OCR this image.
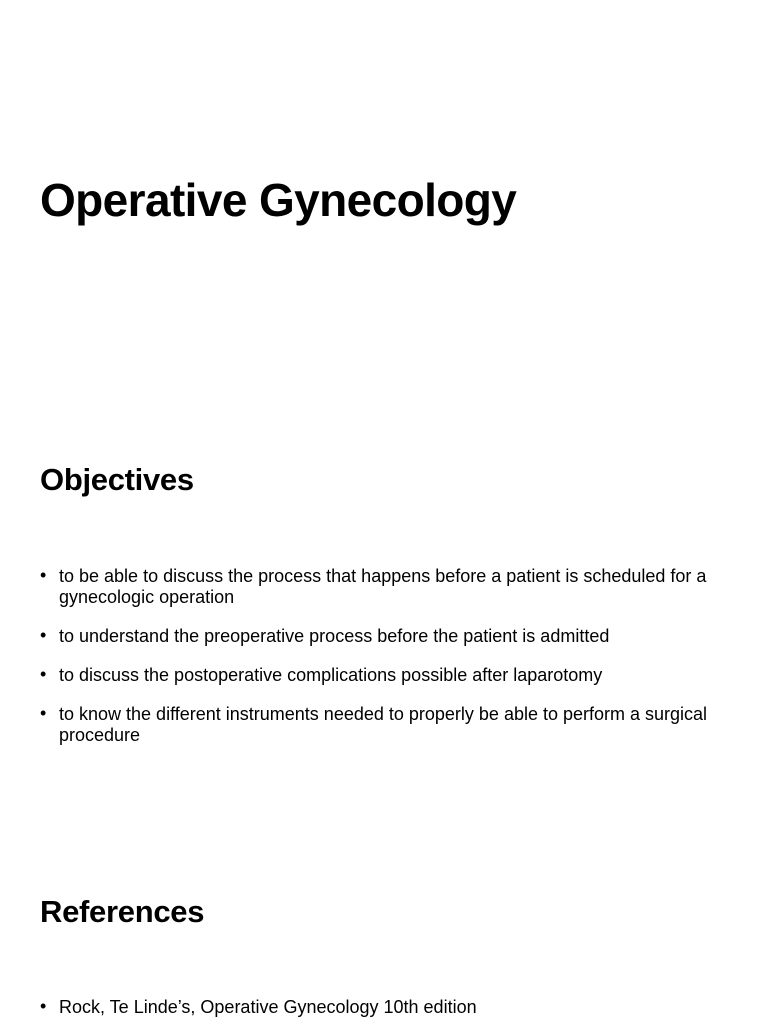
Operative Gynecology
Objectives
• to be able to discuss the process that happens before a patient is scheduled for a gynecologic operation
• to understand the preoperative process before the patient is admitted
• to discuss the postoperative complications possible after laparotomy
• to know the different instruments needed to properly be able to perform a surgical procedure
References
• Rock, Te Linde’s, Operative Gynecology 10th edition
